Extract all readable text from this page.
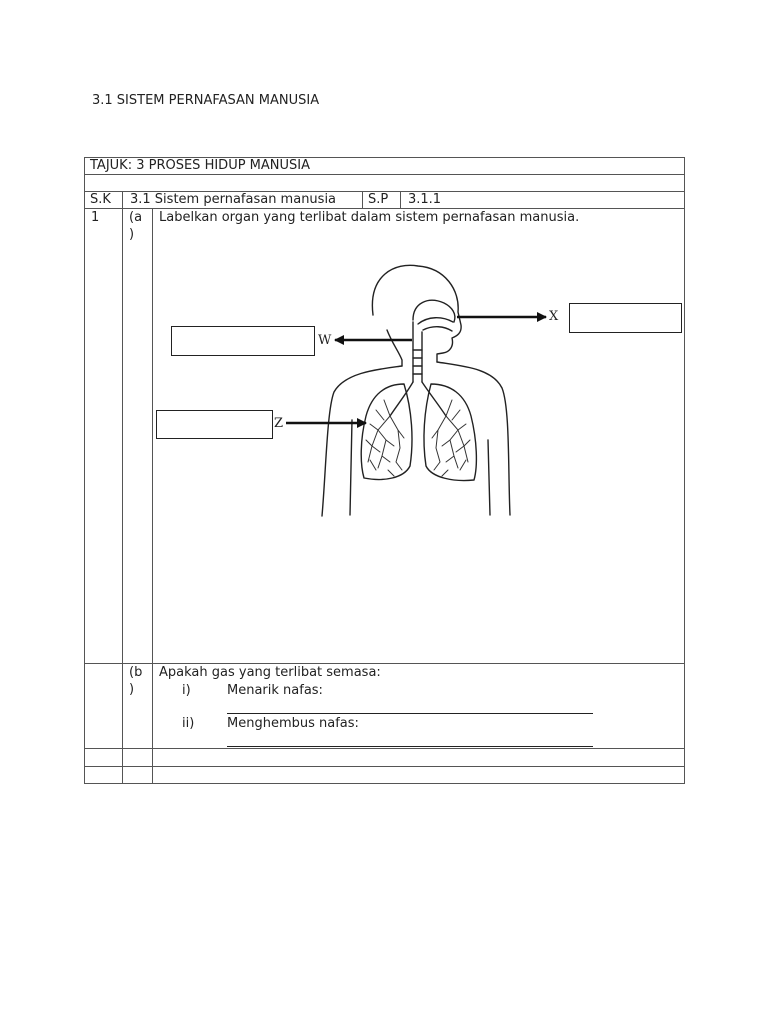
3.1 SISTEM PERNAFASAN MANUSIA
TAJUK: 3 PROSES HIDUP MANUSIA
S.K 3.1 Sistem pernafasan manusia S.P 3.1.1
1 (a
)
Labelkan organ yang terlibat dalam sistem pernafasan manusia.
(b
)
Apakah gas yang terlibat semasa:
i)	Menarik nafas:
ii)	Menghembus nafas:
X
W
Z
